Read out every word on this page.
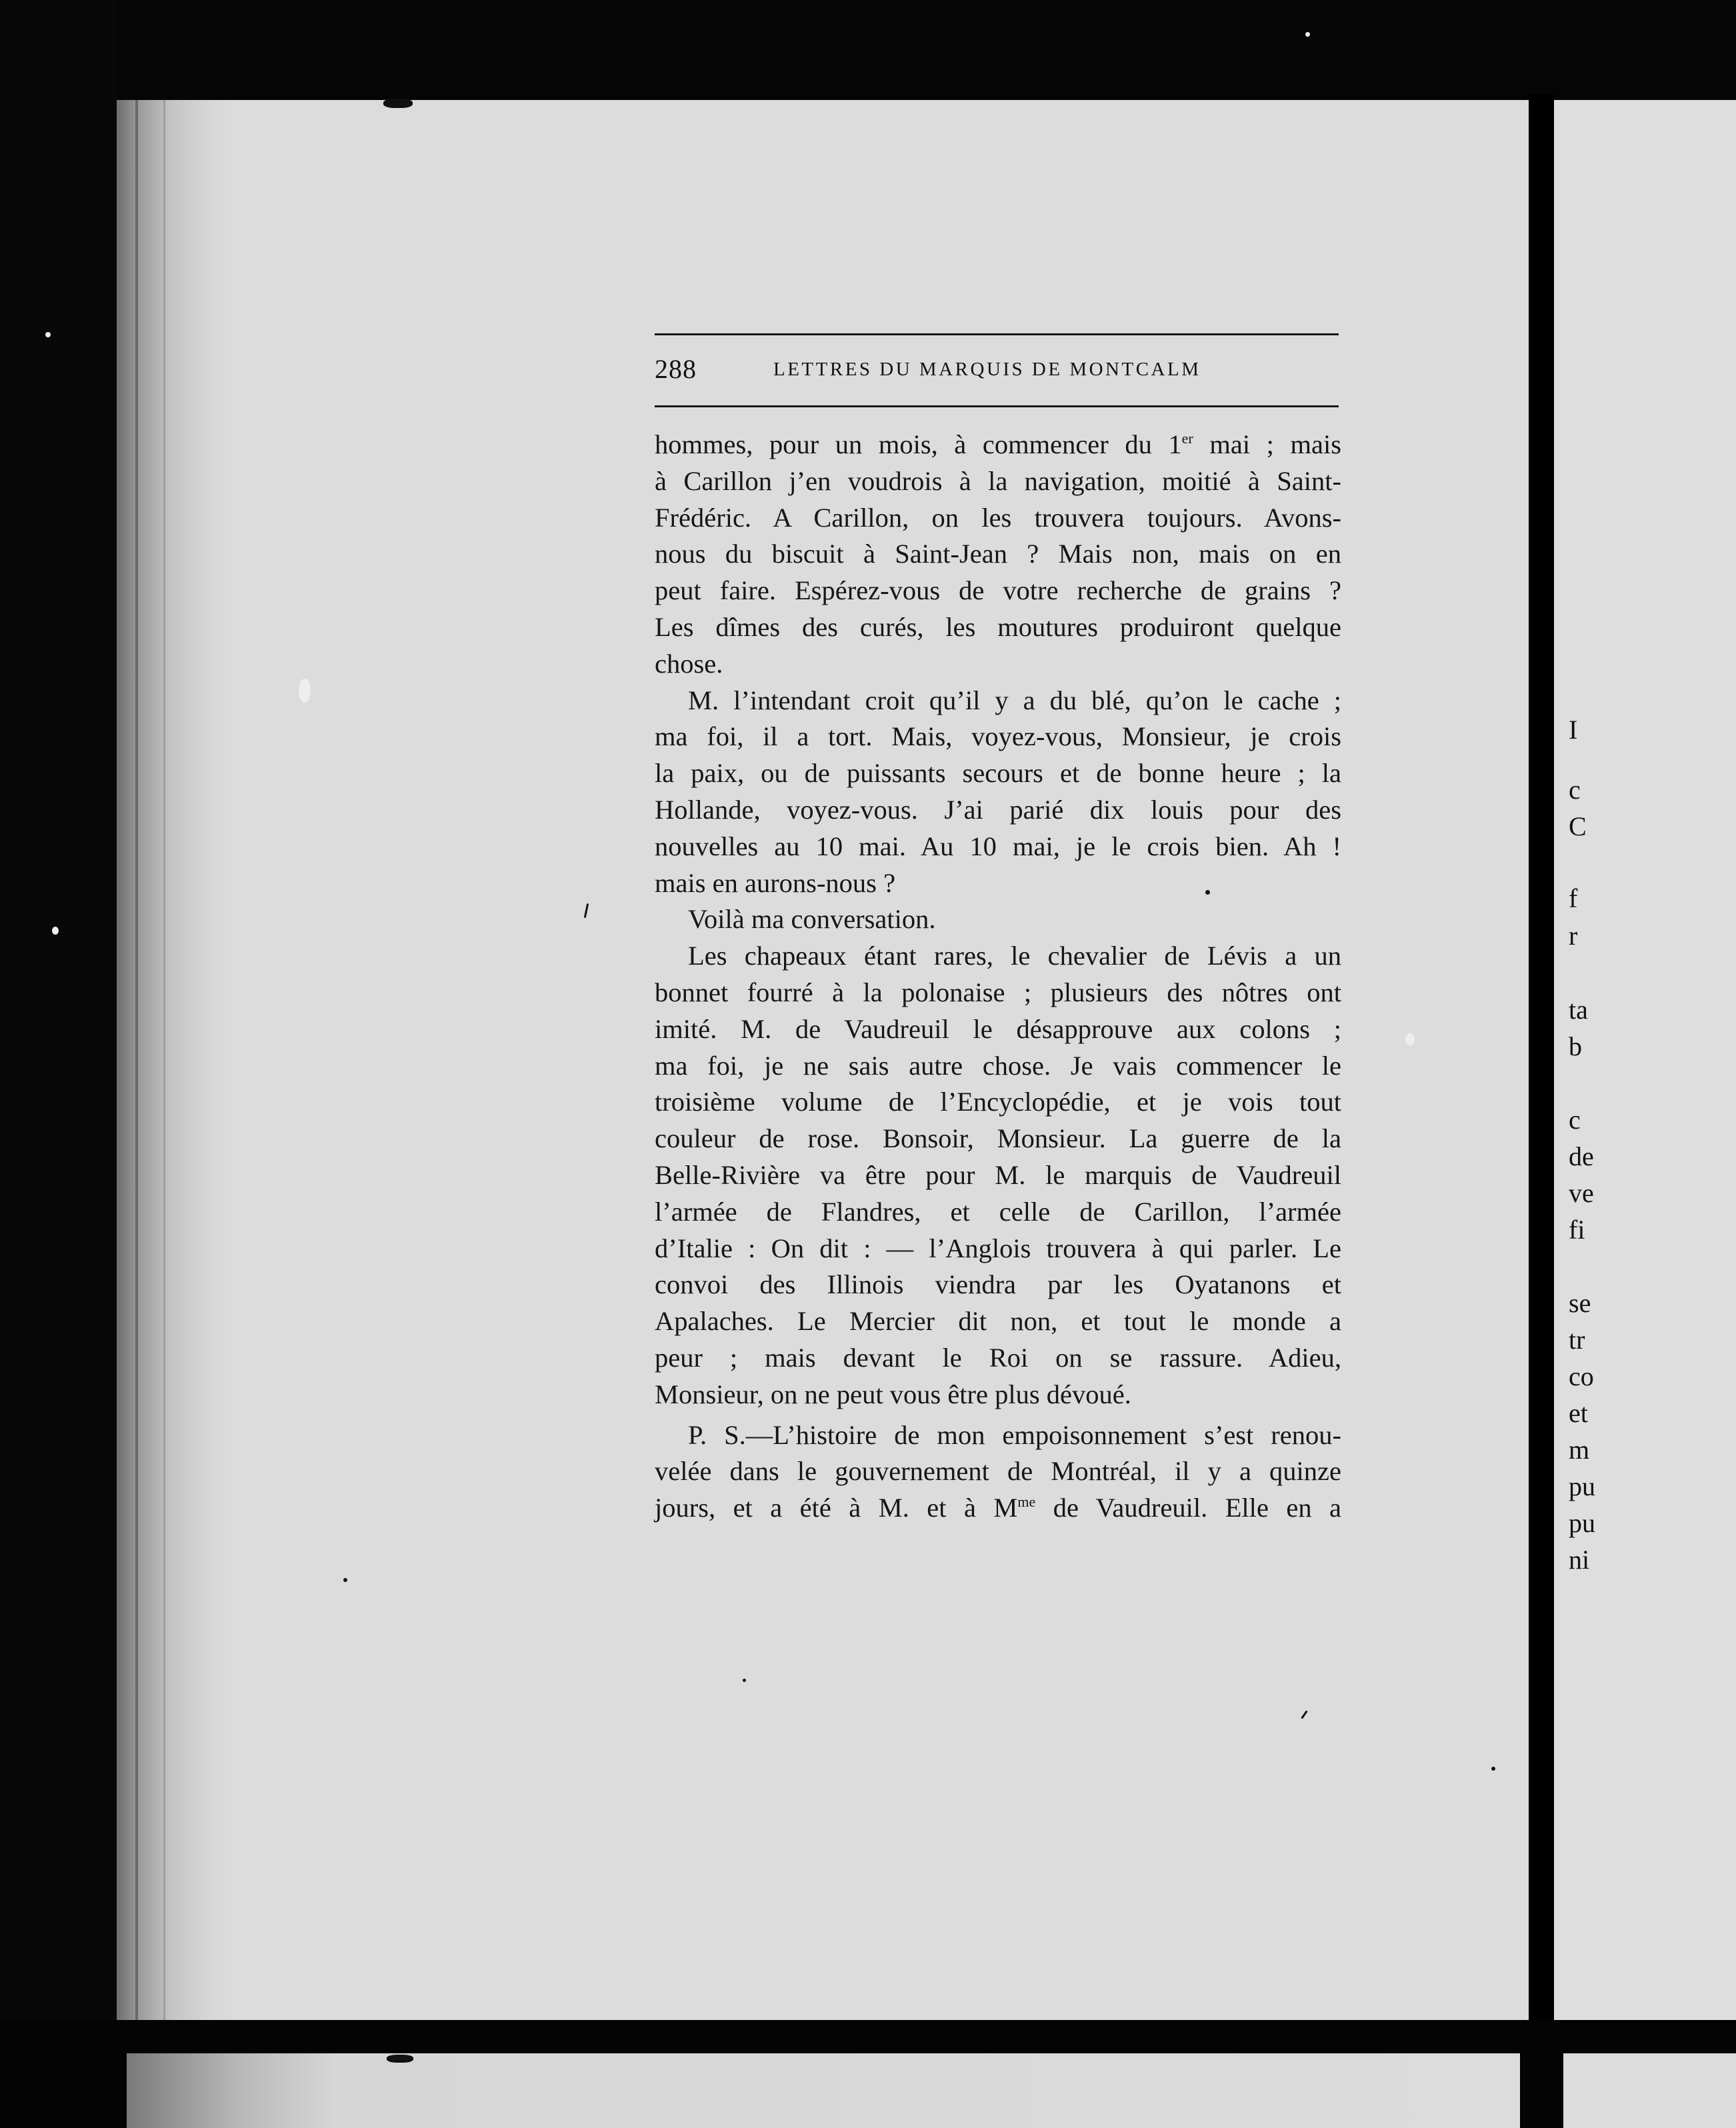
I
c
C
f
r
ta
b
c
de
ve
fi
se
tr
co
et
m
pu
pu
ni
288	LETTRES DU MARQUIS DE MONTCALM
hommes, pour un mois, à commencer du 1er mai ; mais
à Carillon j’en voudrois à la navigation, moitié à Saint-
Frédéric. A Carillon, on les trouvera toujours. Avons-
nous du biscuit à Saint-Jean ? Mais non, mais on en
peut faire. Espérez-vous de votre recherche de grains ?
Les dîmes des curés, les moutures produiront quelque
chose.
M. l’intendant croit qu’il y a du blé, qu’on le cache ;
ma foi, il a tort. Mais, voyez-vous, Monsieur, je crois
la paix, ou de puissants secours et de bonne heure ; la
Hollande, voyez-vous. J’ai parié dix louis pour des
nouvelles au 10 mai. Au 10 mai, je le crois bien. Ah !
mais en aurons-nous ?
Voilà ma conversation.
Les chapeaux étant rares, le chevalier de Lévis a un
bonnet fourré à la polonaise ; plusieurs des nôtres ont
imité. M. de Vaudreuil le désapprouve aux colons ;
ma foi, je ne sais autre chose. Je vais commencer le
troisième volume de l’Encyclopédie, et je vois tout
couleur de rose. Bonsoir, Monsieur. La guerre de la
Belle-Rivière va être pour M. le marquis de Vaudreuil
l’armée de Flandres, et celle de Carillon, l’armée
d’Italie : On dit : — l’Anglois trouvera à qui parler. Le
convoi des Illinois viendra par les Oyatanons et
Apalaches. Le Mercier dit non, et tout le monde a
peur ; mais devant le Roi on se rassure. Adieu,
Monsieur, on ne peut vous être plus dévoué.
P. S.—L’histoire de mon empoisonnement s’est renou-
velée dans le gouvernement de Montréal, il y a quinze
jours, et a été à M. et à $M^{me}$ de Vaudreuil. Elle en a
